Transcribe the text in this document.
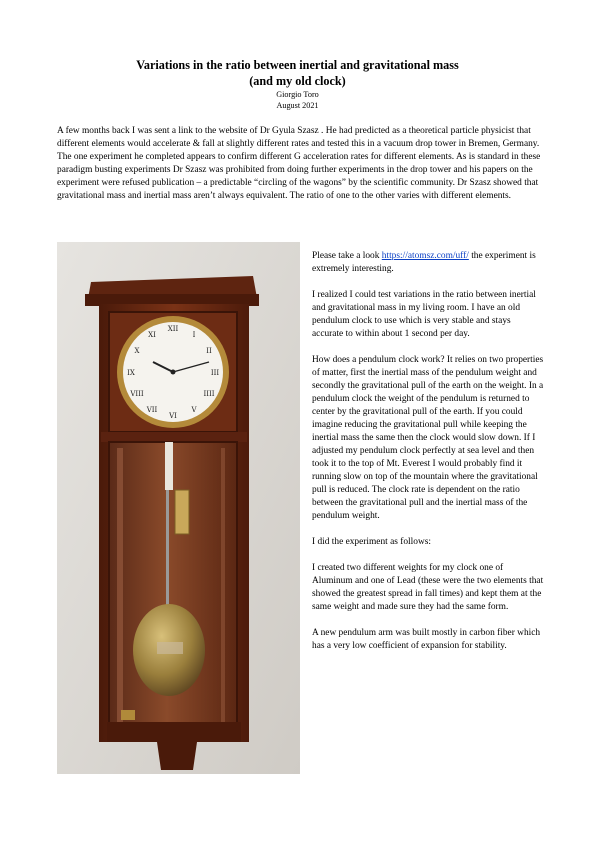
Variations in the ratio between inertial and gravitational mass
(and my old clock)
Giorgio Toro
August 2021
A few months back I was sent a link to the website of Dr Gyula Szasz . He had predicted as a theoretical particle physicist that different elements would accelerate & fall at slightly different rates and tested this in a vacuum drop tower in Bremen, Germany. The one experiment he completed appears to confirm different G acceleration rates for different elements. As is standard in these paradigm busting experiments Dr Szasz was prohibited from doing further experiments in the drop tower and his papers on the experiment were refused publication – a predictable “circling of the wagons” by the scientific community. Dr Szasz showed that gravitational mass and inertial mass aren’t always equivalent. The ratio of one to the other varies with different elements.
XII
I
II
III
IIII
V
VI
VII
VIII
IX
X
XI

Please take a look https://atomsz.com/uff/ the experiment is extremely interesting.

I realized I could test variations in the ratio between inertial and gravitational mass in my living room. I have an old pendulum clock to use which is very stable and stays accurate to within about 1 second per day.

How does a pendulum clock work? It relies on two properties of matter, first the inertial mass of the pendulum weight and secondly the gravitational pull of the earth on the weight. In a pendulum clock the weight of the pendulum is returned to center by the gravitational pull of the earth. If you could imagine reducing the gravitational pull while keeping the inertial mass the same then the clock would slow down. If I adjusted my pendulum clock perfectly at sea level and then took it to the top of Mt. Everest I would probably find it running slow on top of the mountain where the gravitational pull is reduced. The clock rate is dependent on the ratio between the gravitational pull and the inertial mass of the pendulum weight.

I did the experiment as follows:

I created two different weights for my clock one of Aluminum and one of Lead (these were the two elements that showed the greatest spread in fall times) and kept them at the same weight and made sure they had the same form.

A new pendulum arm was built mostly in carbon fiber which has a very low coefficient of expansion for stability.
